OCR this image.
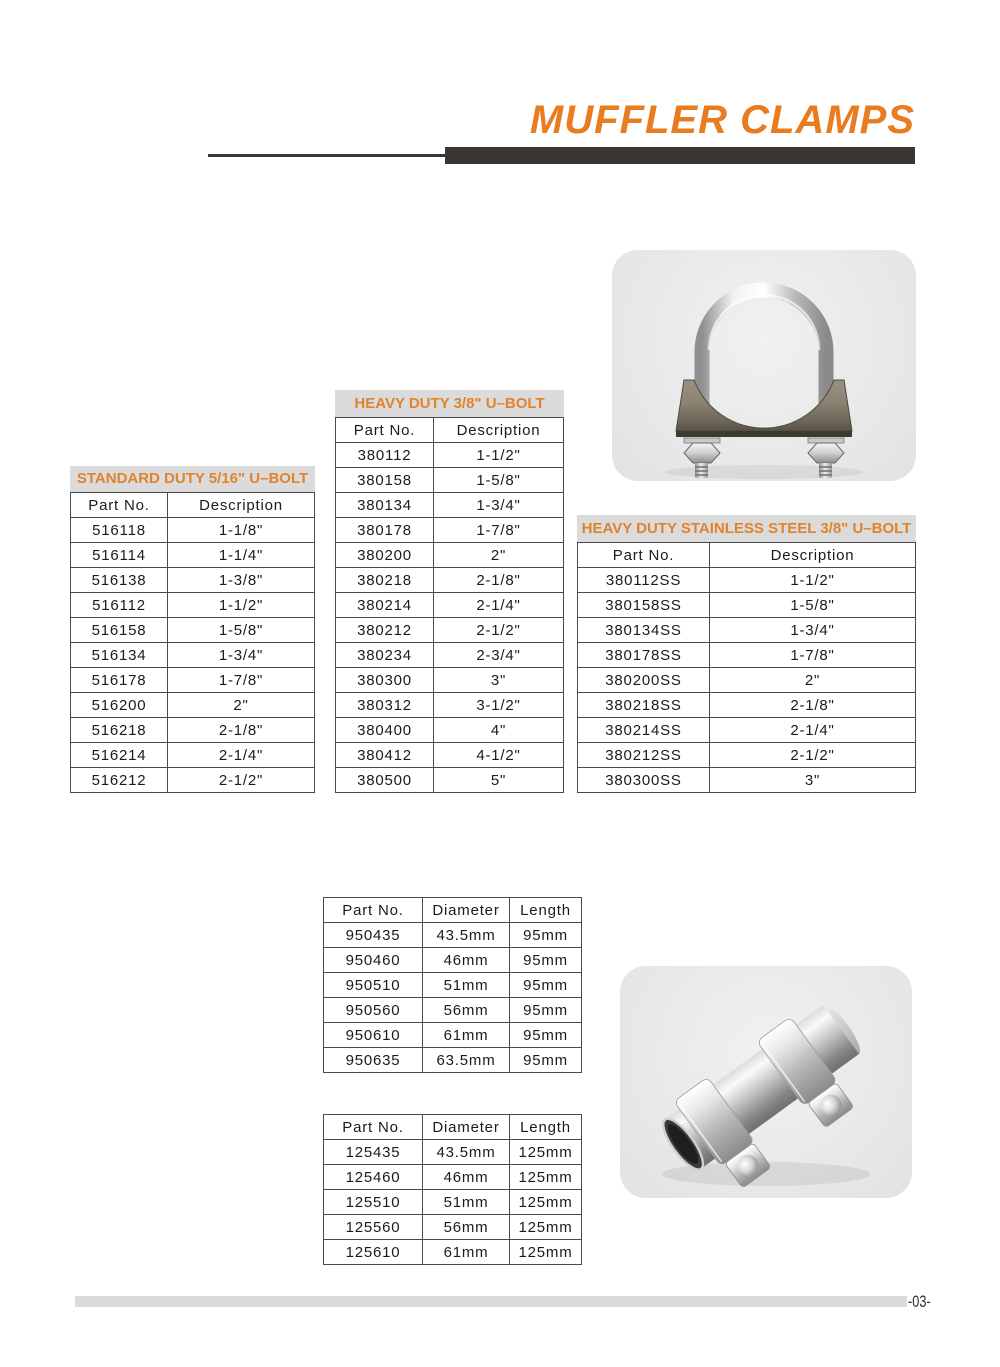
MUFFLER CLAMPS
STANDARD DUTY 5/16" U–BOLT
Part No.	Description
516118	1-1/8"
516114	1-1/4"
516138	1-3/8"
516112	1-1/2"
516158	1-5/8"
516134	1-3/4"
516178	1-7/8"
516200	2"
516218	2-1/8"
516214	2-1/4"
516212	2-1/2"
HEAVY DUTY 3/8" U–BOLT
Part No.	Description
380112	1-1/2"
380158	1-5/8"
380134	1-3/4"
380178	1-7/8"
380200	2"
380218	2-1/8"
380214	2-1/4"
380212	2-1/2"
380234	2-3/4"
380300	3"
380312	3-1/2"
380400	4"
380412	4-1/2"
380500	5"
HEAVY DUTY STAINLESS STEEL 3/8" U–BOLT
Part No.	Description
380112SS	1-1/2"
380158SS	1-5/8"
380134SS	1-3/4"
380178SS	1-7/8"
380200SS	2"
380218SS	2-1/8"
380214SS	2-1/4"
380212SS	2-1/2"
380300SS	3"
Part No.	Diameter	Length
950435	43.5mm	95mm
950460	46mm	95mm
950510	51mm	95mm
950560	56mm	95mm
950610	61mm	95mm
950635	63.5mm	95mm
Part No.	Diameter	Length
125435	43.5mm	125mm
125460	46mm	125mm
125510	51mm	125mm
125560	56mm	125mm
125610	61mm	125mm
-03-
